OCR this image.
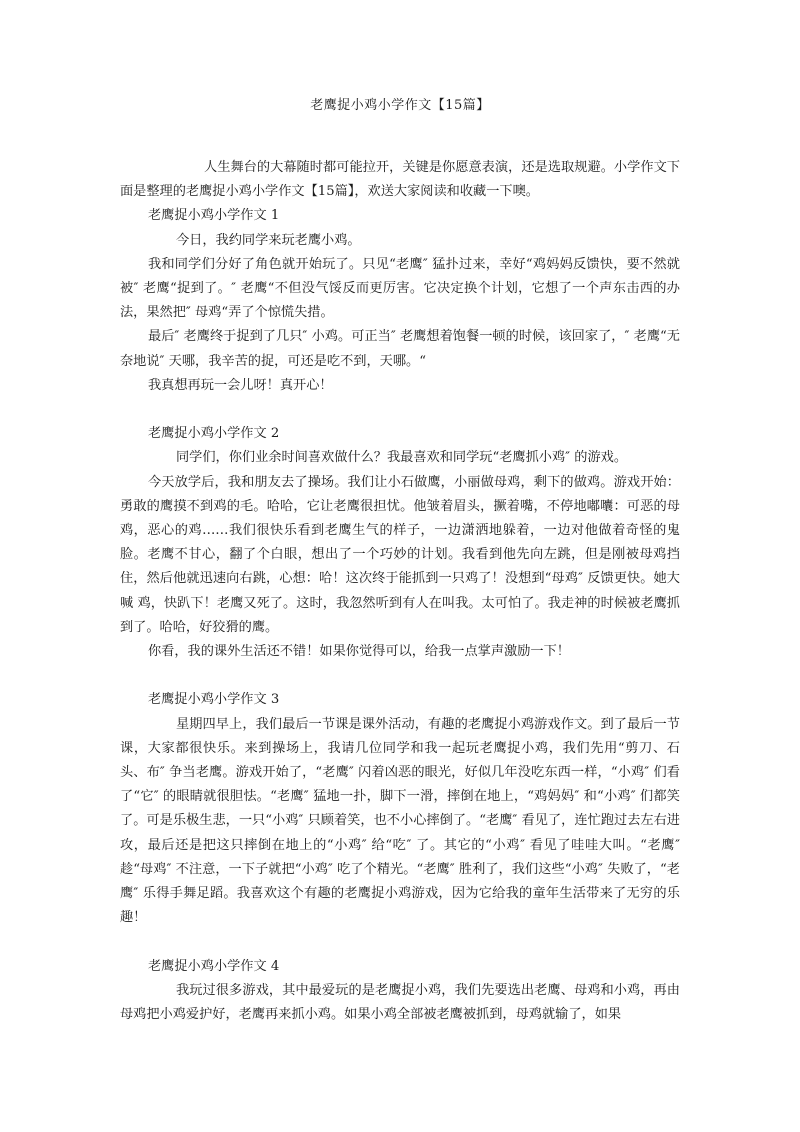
老鹰捉小鸡小学作文【15篇】

人生舞台的大幕随时都可能拉开，关键是你愿意表演，还是选取规避。小学作文下面是整理的老鹰捉小鸡小学作文【15篇】，欢送大家阅读和收藏一下噢。

老鹰捉小鸡小学作文 1

今日，我约同学来玩老鹰小鸡。

我和同学们分好了角色就开始玩了。只见“老鹰″ 猛扑过来，幸好“鸡妈妈反馈快，要不然就被″ 老鹰“捉到了。″ 老鹰“不但没气馁反而更厉害。它决定换个计划，它想了一个声东击西的办法，果然把″ 母鸡“弄了个惊慌失措。

最后″ 老鹰终于捉到了几只″ 小鸡。可正当″ 老鹰想着饱餐一顿的时候，该回家了，″ 老鹰“无奈地说″ 天哪，我辛苦的捉，可还是吃不到，天哪。“

我真想再玩一会儿呀！真开心！

老鹰捉小鸡小学作文 2

同学们，你们业余时间喜欢做什么？我最喜欢和同学玩“老鹰抓小鸡″ 的游戏。

今天放学后，我和朋友去了操场。我们让小石做鹰，小丽做母鸡，剩下的做鸡。游戏开始：勇敢的鹰摸不到鸡的毛。哈哈，它让老鹰很担忧。他皱着眉头，撅着嘴，不停地嘟囔：可恶的母鸡，恶心的鸡……我们很快乐看到老鹰生气的样子，一边潇洒地躲着，一边对他做着奇怪的鬼脸。老鹰不甘心，翻了个白眼，想出了一个巧妙的计划。我看到他先向左跳，但是刚被母鸡挡住，然后他就迅速向右跳，心想：哈！这次终于能抓到一只鸡了！没想到“母鸡″ 反馈更快。她大喊 鸡，快趴下！老鹰又死了。这时，我忽然听到有人在叫我。太可怕了。我走神的时候被老鹰抓到了。哈哈，好狡猾的鹰。

你看，我的课外生活还不错！如果你觉得可以，给我一点掌声激励一下！

老鹰捉小鸡小学作文 3

星期四早上，我们最后一节课是课外活动，有趣的老鹰捉小鸡游戏作文。到了最后一节课，大家都很快乐。来到操场上，我请几位同学和我一起玩老鹰捉小鸡，我们先用“剪刀、石头、布″ 争当老鹰。游戏开始了，“老鹰″ 闪着凶恶的眼光，好似几年没吃东西一样，“小鸡″ 们看了“它″ 的眼睛就很胆怯。“老鹰″ 猛地一扑，脚下一滑，摔倒在地上，“鸡妈妈″ 和“小鸡″ 们都笑了。可是乐极生悲，一只“小鸡″ 只顾着笑，也不小心摔倒了。“老鹰″ 看见了，连忙跑过去左右进攻，最后还是把这只摔倒在地上的“小鸡″ 给“吃″ 了。其它的“小鸡″ 看见了哇哇大叫。“老鹰″ 趁“母鸡″ 不注意，一下子就把“小鸡″ 吃了个精光。“老鹰″ 胜利了，我们这些“小鸡″ 失败了，“老鹰″ 乐得手舞足蹈。我喜欢这个有趣的老鹰捉小鸡游戏，因为它给我的童年生活带来了无穷的乐趣！

老鹰捉小鸡小学作文 4

我玩过很多游戏，其中最爱玩的是老鹰捉小鸡，我们先要选出老鹰、母鸡和小鸡，再由母鸡把小鸡爱护好，老鹰再来抓小鸡。如果小鸡全部被老鹰被抓到，母鸡就输了，如果
